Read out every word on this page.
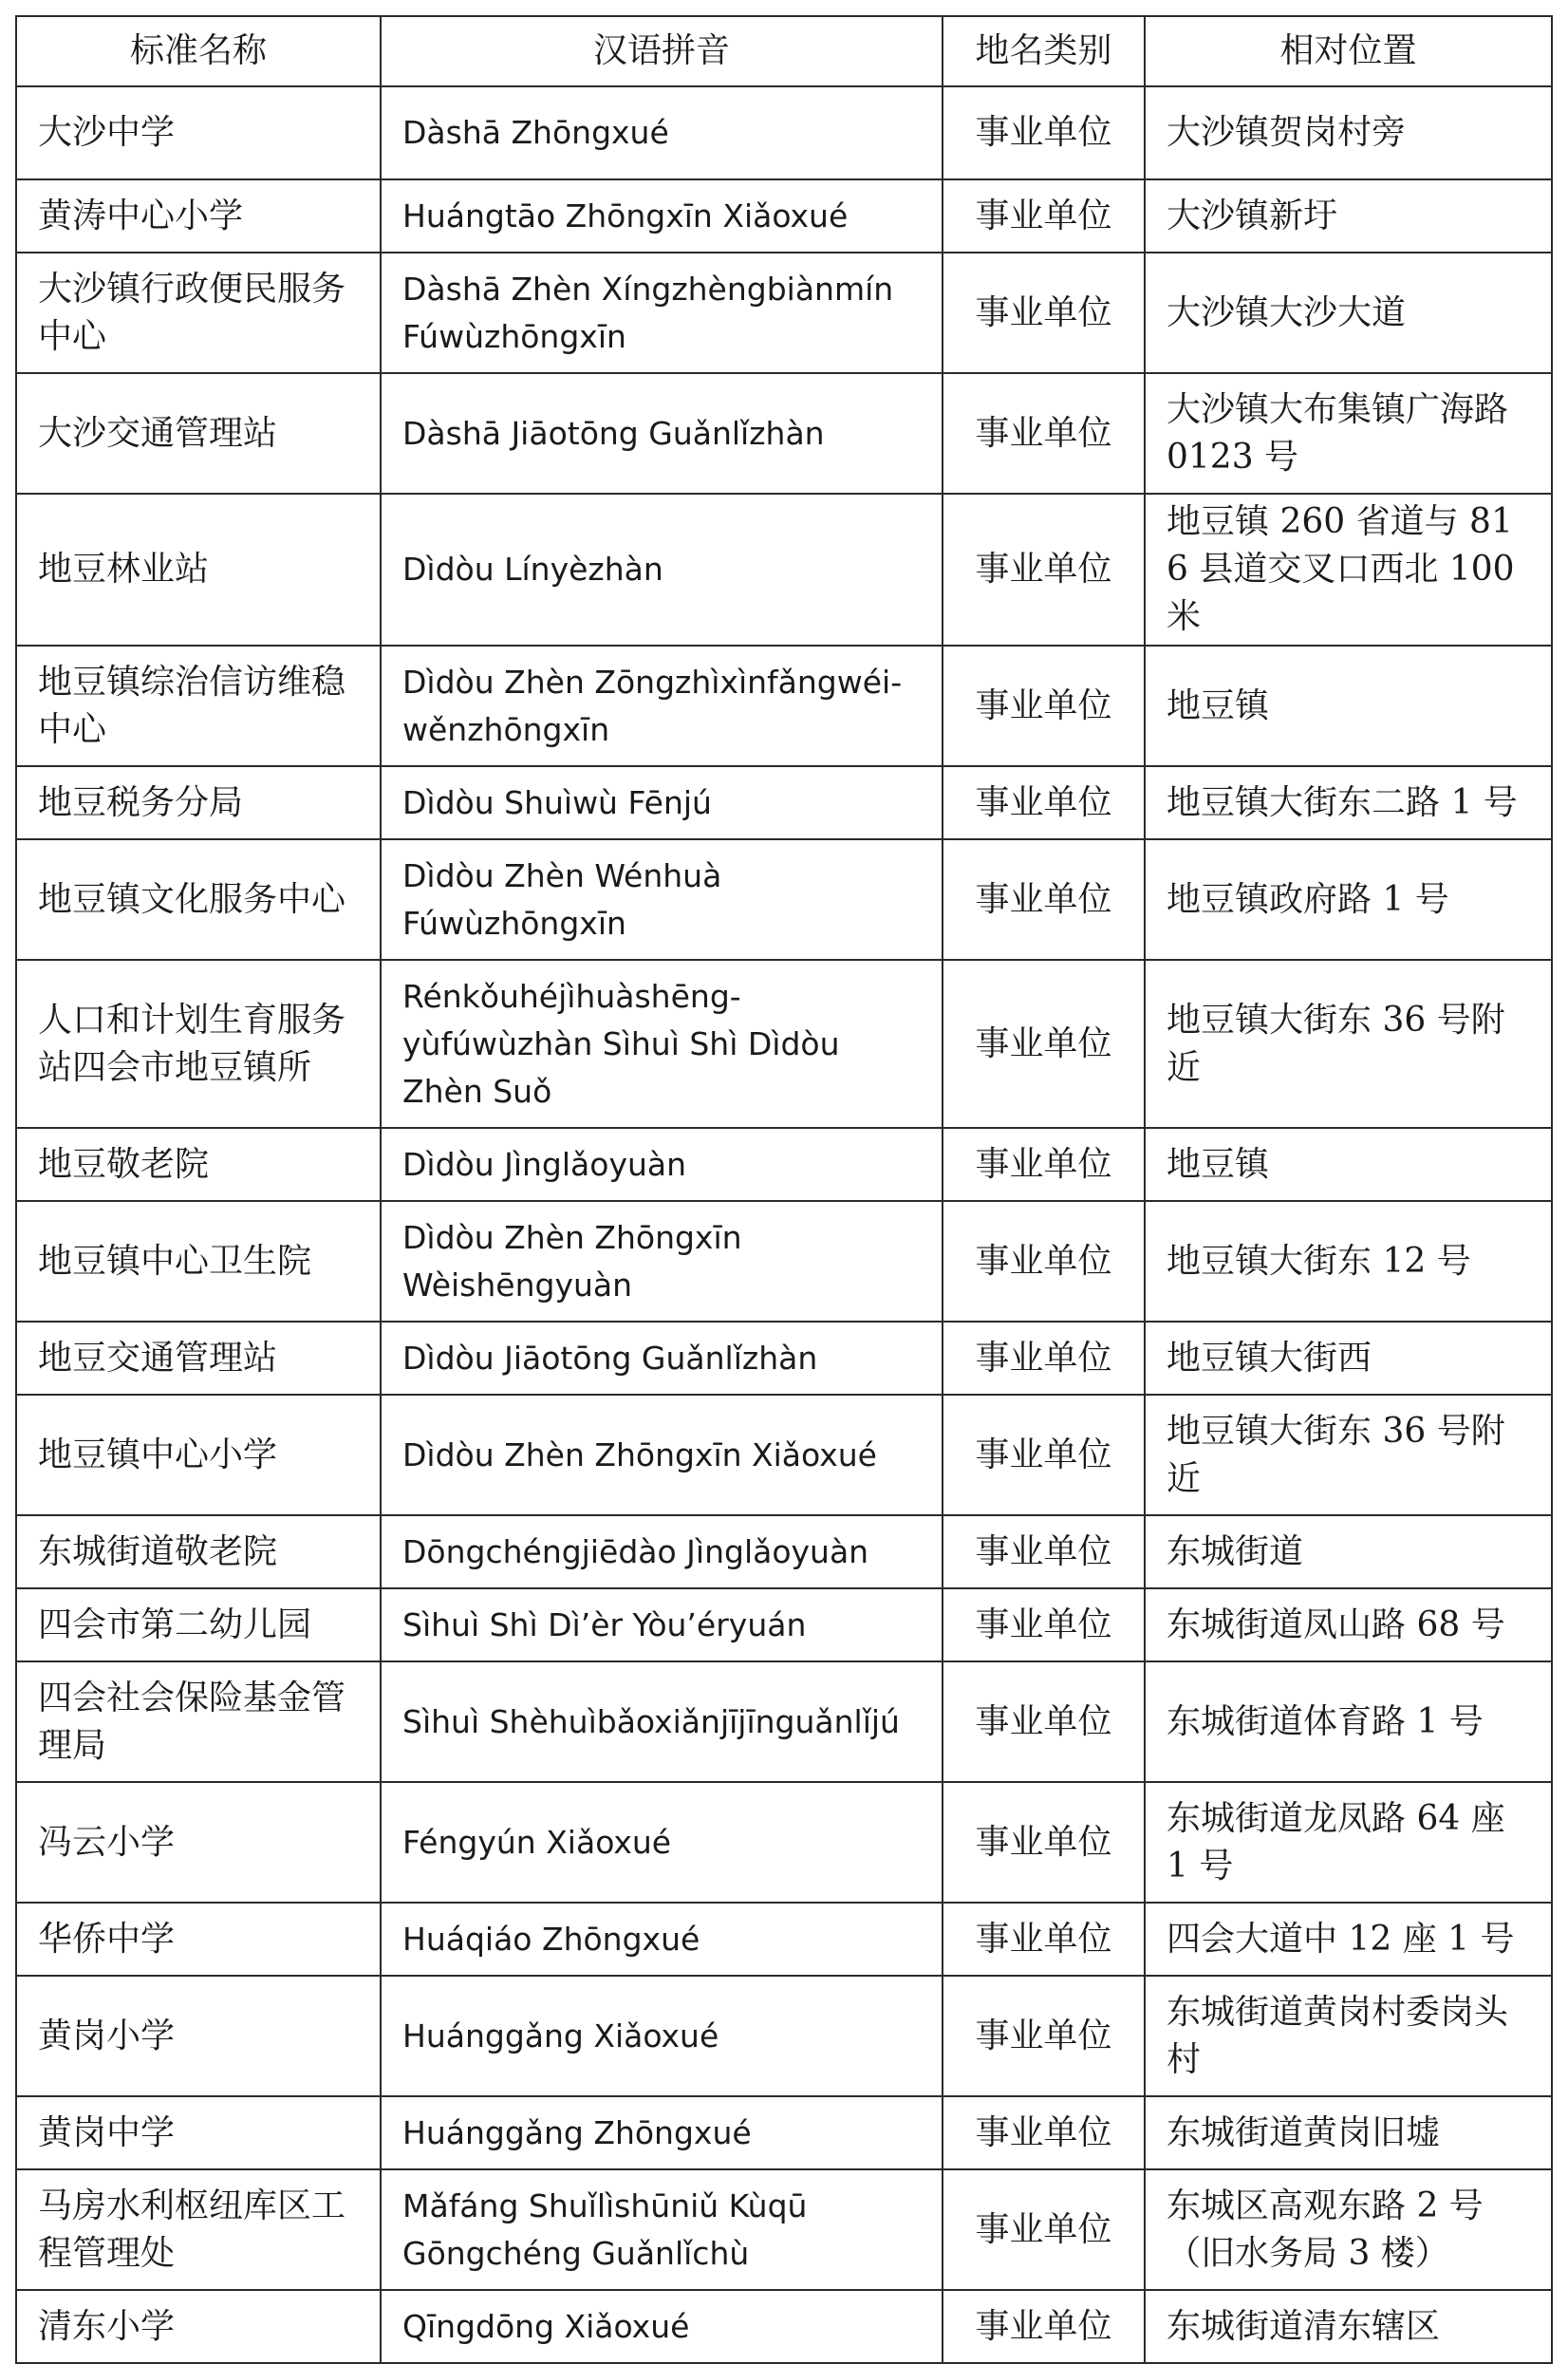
标准名称	汉语拼音	地名类别	相对位置
大沙中学	Dàshā Zhōngxué	事业单位	大沙镇贺岗村旁
黄涛中心小学	Huángtāo Zhōngxīn Xiǎoxué	事业单位	大沙镇新圩
大沙镇行政便民服务中心	Dàshā Zhèn Xíngzhèngbiànmín Fúwùzhōngxīn	事业单位	大沙镇大沙大道
大沙交通管理站	Dàshā Jiāotōng Guǎnlǐzhàn	事业单位	大沙镇大布集镇广海路 0123 号
地豆林业站	Dìdòu Línyèzhàn	事业单位	地豆镇 260 省道与 816 县道交叉口西北 100 米
地豆镇综治信访维稳中心	Dìdòu Zhèn Zōngzhìxìnfǎngwéi-wěnzhōngxīn	事业单位	地豆镇
地豆税务分局	Dìdòu Shuìwù Fēnjú	事业单位	地豆镇大街东二路 1 号
地豆镇文化服务中心	Dìdòu Zhèn Wénhuà Fúwùzhōngxīn	事业单位	地豆镇政府路 1 号
人口和计划生育服务站四会市地豆镇所	Rénkǒuhéjìhuàshēng-yùfúwùzhàn Sìhuì Shì Dìdòu Zhèn Suǒ	事业单位	地豆镇大街东 36 号附近
地豆敬老院	Dìdòu Jìnglǎoyuàn	事业单位	地豆镇
地豆镇中心卫生院	Dìdòu Zhèn Zhōngxīn Wèishēngyuàn	事业单位	地豆镇大街东 12 号
地豆交通管理站	Dìdòu Jiāotōng Guǎnlǐzhàn	事业单位	地豆镇大街西
地豆镇中心小学	Dìdòu Zhèn Zhōngxīn Xiǎoxué	事业单位	地豆镇大街东 36 号附近
东城街道敬老院	Dōngchéngjiēdào Jìnglǎoyuàn	事业单位	东城街道
四会市第二幼儿园	Sìhuì Shì Dì’èr Yòu’éryuán	事业单位	东城街道凤山路 68 号
四会社会保险基金管理局	Sìhuì Shèhuìbǎoxiǎnjījīnguǎnlǐjú	事业单位	东城街道体育路 1 号
冯云小学	Féngyún Xiǎoxué	事业单位	东城街道龙凤路 64 座 1 号
华侨中学	Huáqiáo Zhōngxué	事业单位	四会大道中 12 座 1 号
黄岗小学	Huánggǎng Xiǎoxué	事业单位	东城街道黄岗村委岗头村
黄岗中学	Huánggǎng Zhōngxué	事业单位	东城街道黄岗旧墟
马房水利枢纽库区工程管理处	Mǎfáng Shuǐlìshūniǔ Kùqū Gōngchéng Guǎnlǐchù	事业单位	东城区高观东路 2 号（旧水务局 3 楼）
清东小学	Qīngdōng Xiǎoxué	事业单位	东城街道清东辖区
